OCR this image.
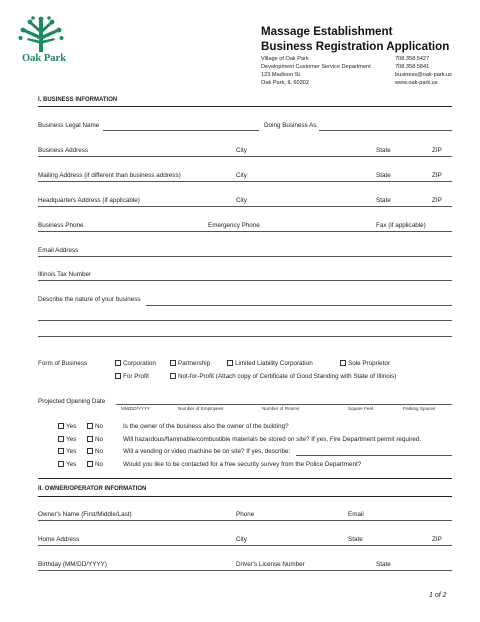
Oak Park
Massage Establishment
Business Registration Application
Village of Oak Park	708.358.5427
Development Customer Service Department	708.358.5841
123 Madison St.	business@oak-park.us
Oak Park, IL 60302	www.oak-park.us
I. BUSINESS INFORMATION
Business Legal Name	Doing Business As
Business Address	City	State	ZIP
Mailing Address (if different than business address)	City	State	ZIP
Headquarters Address (if applicable)	City	State	ZIP
Business Phone	Emergency Phone	Fax (if applicable)
Email Address
Illinois Tax Number
Describe the nature of your business
Form of Business	Corporation	Partnership	Limited Liability Corporation	Sole Proprietor
For Profit	Not-for-Profit (Attach copy of Certificate of Good Standing with State of Illinois)
Projected Opening Date
MM/DD/YYYY	Number of Employees	Number of Rooms	Square Feet	Parking Spaces
Yes	No	Is the owner of the business also the owner of the building?
Yes	No	Will hazardous/flammable/combustible materials be stored on site? If yes, Fire Department permit required.
Yes	No	Will a vending or video machine be on site? If yes, describe:
Yes	No	Would you like to be contacted for a free security survey from the Police Department?
II. OWNER/OPERATOR INFORMATION
Owner's Name (First/Middle/Last)	Phone	Email
Home Address	City	State	ZIP
Birthday (MM/DD/YYYY)	Driver's License Number	State
1 of 2
